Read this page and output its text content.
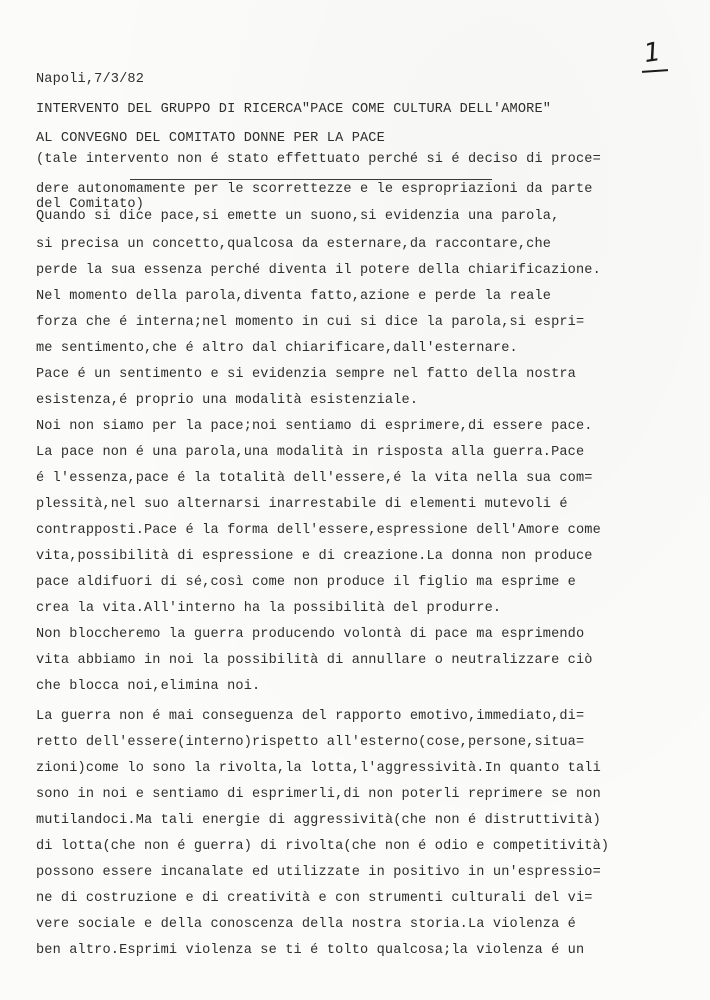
1
Napoli,7/3/82
INTERVENTO DEL GRUPPO DI RICERCA"PACE COME CULTURA DELL'AMORE"
AL CONVEGNO DEL COMITATO DONNE PER LA PACE
(tale intervento non é stato effettuato perché si é deciso di proce=
dere autonomamente per le scorrettezze e le espropriazioni da parte
del Comitato)
Quando si dice pace,si emette un suono,si evidenzia una parola,
si precisa un concetto,qualcosa da esternare,da raccontare,che
perde la sua essenza perché diventa il potere della chiarificazione.
Nel momento della parola,diventa fatto,azione e perde la reale
forza che é interna;nel momento in cui si dice la parola,si espri=
me sentimento,che é altro dal chiarificare,dall'esternare.
Pace é un sentimento e si evidenzia sempre nel fatto della nostra
esistenza,é proprio una modalità esistenziale.
Noi non siamo per la pace;noi sentiamo di esprimere,di essere pace.
La pace non é una parola,una modalità in risposta alla guerra.Pace
é l'essenza,pace é la totalità dell'essere,é la vita nella sua com=
plessità,nel suo alternarsi inarrestabile di elementi mutevoli é
contrapposti.Pace é la forma dell'essere,espressione dell'Amore come
vita,possibilità di espressione e di creazione.La donna non produce
pace aldifuori di sé,così come non produce il figlio ma esprime e
crea la vita.All'interno ha la possibilità del produrre.
Non bloccheremo la guerra producendo volontà di pace ma esprimendo
vita abbiamo in noi la possibilità di annullare o neutralizzare ciò
che blocca noi,elimina noi.
La guerra non é mai conseguenza del rapporto emotivo,immediato,di=
retto dell'essere(interno)rispetto all'esterno(cose,persone,situa=
zioni)come lo sono la rivolta,la lotta,l'aggressività.In quanto tali
sono in noi e sentiamo di esprimerli,di non poterli reprimere se non
mutilandoci.Ma tali energie di aggressività(che non é distruttività)
di lotta(che non é guerra) di rivolta(che non é odio e competitività)
possono essere incanalate ed utilizzate in positivo in un'espressio=
ne di costruzione e di creatività e con strumenti culturali del vi=
vere sociale e della conoscenza della nostra storia.La violenza é
ben altro.Esprimi violenza se ti é tolto qualcosa;la violenza é un
